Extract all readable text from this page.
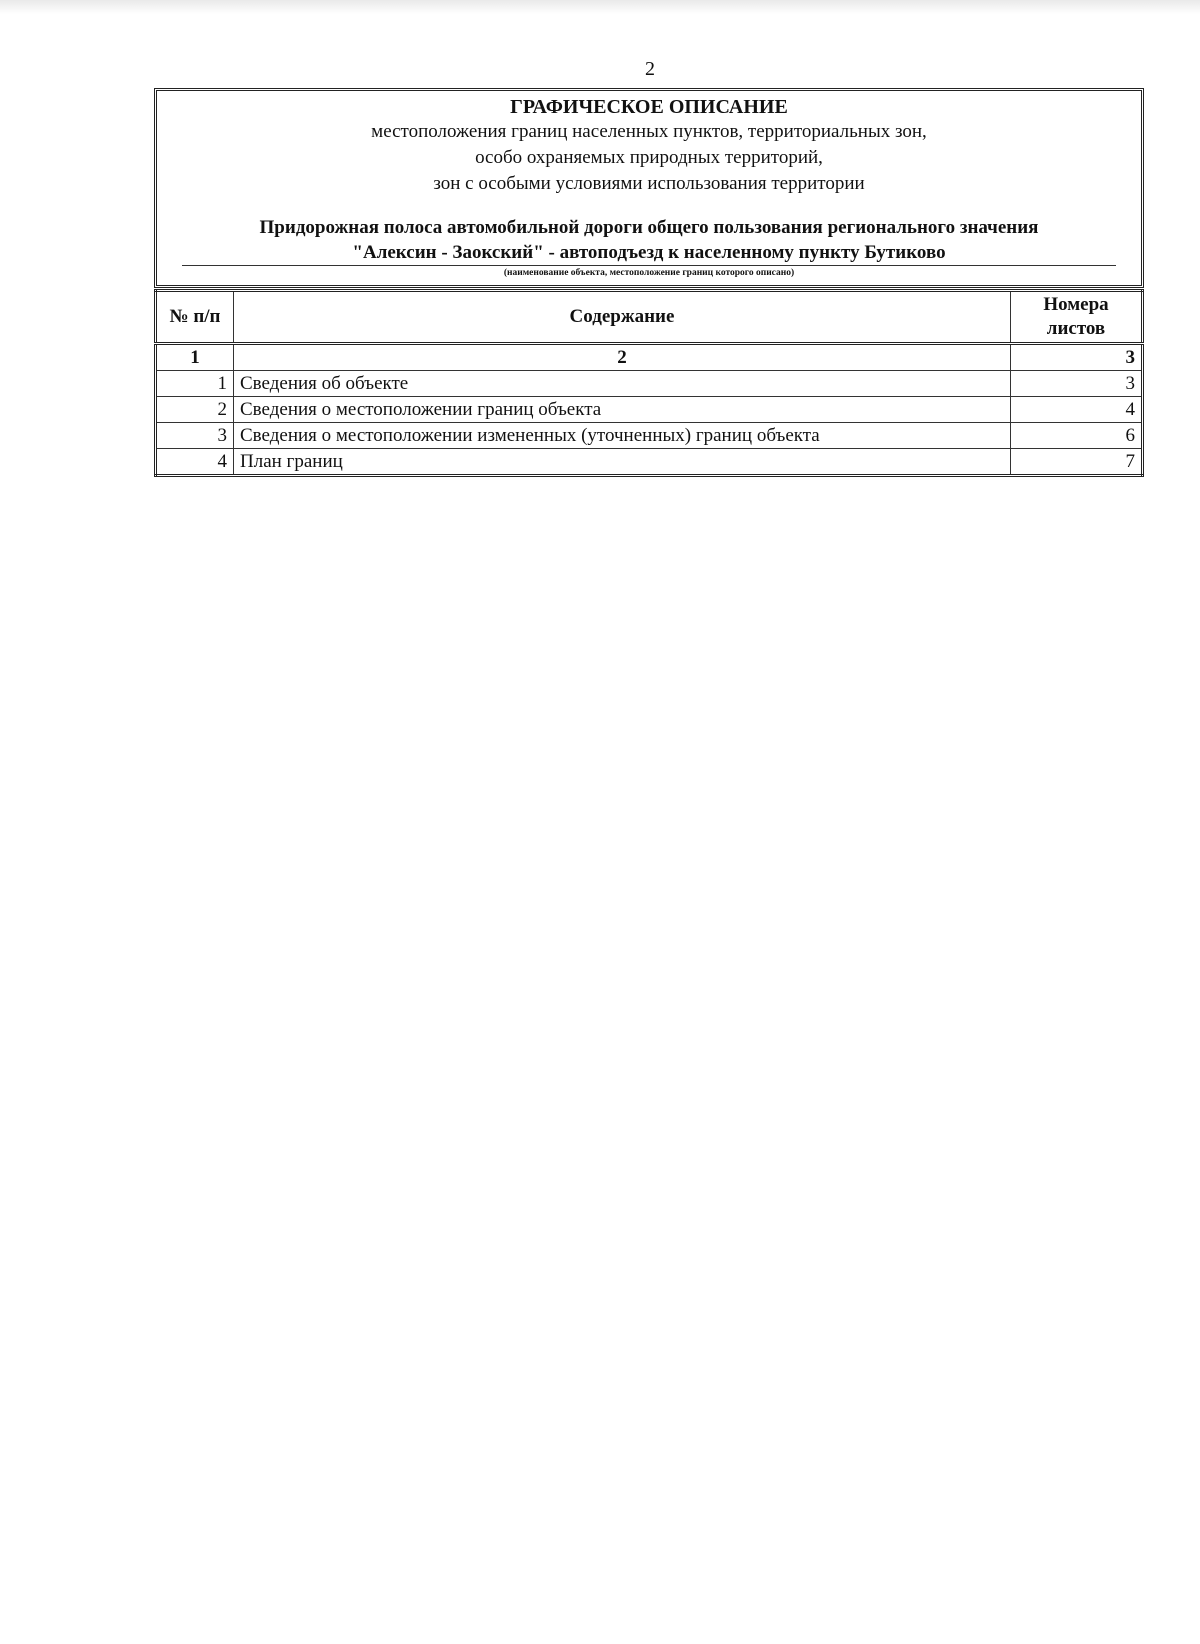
2
ГРАФИЧЕСКОЕ ОПИСАНИЕ
местоположения границ населенных пунктов, территориальных зон,
особо охраняемых природных территорий,
зон с особыми условиями использования территории
Придорожная полоса автомобильной дороги общего пользования регионального значения
"Алексин - Заокский" - автоподъезд к населенному пункту Бутиково
(наименование объекта, местоположение границ которого описано)
№ п/п	Содержание	Номера листов
1	2	3
1	Сведения об объекте	3
2	Сведения о местоположении границ объекта	4
3	Сведения о местоположении измененных (уточненных) границ объекта	6
4	План границ	7
